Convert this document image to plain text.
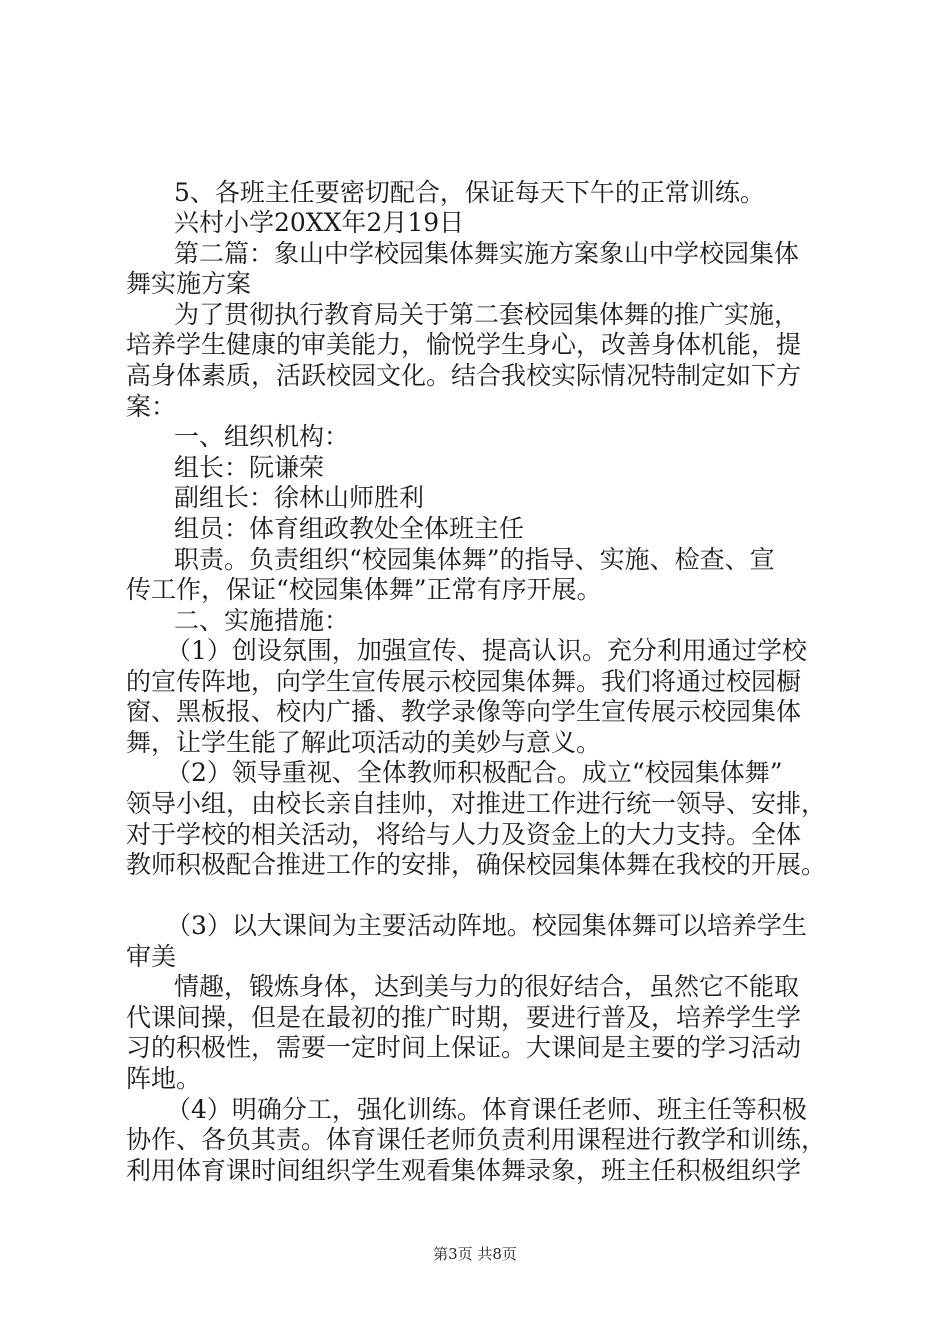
5、各班主任要密切配合，保证每天下午的正常训练。
兴村小学20XX年2月19日
第二篇：象山中学校园集体舞实施方案象山中学校园集体
舞实施方案
为了贯彻执行教育局关于第二套校园集体舞的推广实施，
培养学生健康的审美能力，愉悦学生身心，改善身体机能，提
高身体素质，活跃校园文化。结合我校实际情况特制定如下方
案：
一、组织机构：
组长：阮谦荣
副组长：徐林山师胜利
组员：体育组政教处全体班主任
职责。负责组织“校园集体舞”的指导、实施、检查、宣
传工作，保证“校园集体舞”正常有序开展。
二、实施措施：
（1）创设氛围，加强宣传、提高认识。充分利用通过学校
的宣传阵地，向学生宣传展示校园集体舞。我们将通过校园橱
窗、黑板报、校内广播、教学录像等向学生宣传展示校园集体
舞，让学生能了解此项活动的美妙与意义。
（2）领导重视、全体教师积极配合。成立“校园集体舞”
领导小组，由校长亲自挂帅，对推进工作进行统一领导、安排，
对于学校的相关活动，将给与人力及资金上的大力支持。全体
教师积极配合推进工作的安排，确保校园集体舞在我校的开展。
（3）以大课间为主要活动阵地。校园集体舞可以培养学生
审美
情趣，锻炼身体，达到美与力的很好结合，虽然它不能取
代课间操，但是在最初的推广时期，要进行普及，培养学生学
习的积极性，需要一定时间上保证。大课间是主要的学习活动
阵地。
（4）明确分工，强化训练。体育课任老师、班主任等积极
协作、各负其责。体育课任老师负责利用课程进行教学和训练，
利用体育课时间组织学生观看集体舞录象，班主任积极组织学
第3页 共8页
